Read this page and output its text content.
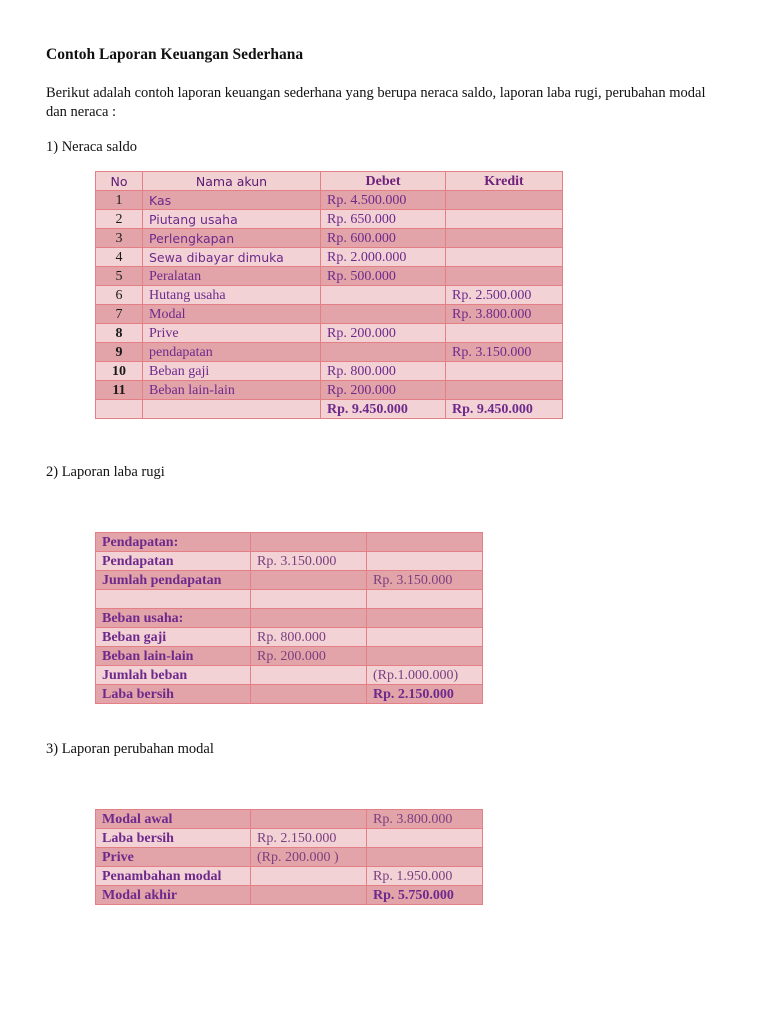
Contoh Laporan Keuangan Sederhana
Berikut adalah contoh laporan keuangan sederhana yang berupa neraca saldo, laporan laba rugi, perubahan modal dan neraca :
1) Neraca saldo
No	Nama akun	Debet	Kredit
1	Kas	Rp. 4.500.000	
2	Piutang usaha	Rp. 650.000	
3	Perlengkapan	Rp. 600.000	
4	Sewa dibayar dimuka	Rp. 2.000.000	
5	Peralatan	Rp. 500.000	
6	Hutang usaha		Rp. 2.500.000
7	Modal		Rp. 3.800.000
8	Prive	Rp. 200.000	
9	pendapatan		Rp. 3.150.000
10	Beban gaji	Rp. 800.000	
11	Beban lain-lain	Rp. 200.000	
		Rp. 9.450.000	Rp. 9.450.000
2) Laporan laba rugi
Pendapatan:		
Pendapatan	Rp. 3.150.000	
Jumlah pendapatan		Rp. 3.150.000

Beban usaha:		
Beban gaji	Rp. 800.000	
Beban lain-lain	Rp. 200.000	
Jumlah beban		(Rp.1.000.000)
Laba bersih		Rp. 2.150.000
3) Laporan perubahan modal
Modal awal		Rp. 3.800.000
Laba bersih	Rp. 2.150.000	
Prive	(Rp. 200.000 )	
Penambahan modal		Rp. 1.950.000
Modal akhir		Rp. 5.750.000
